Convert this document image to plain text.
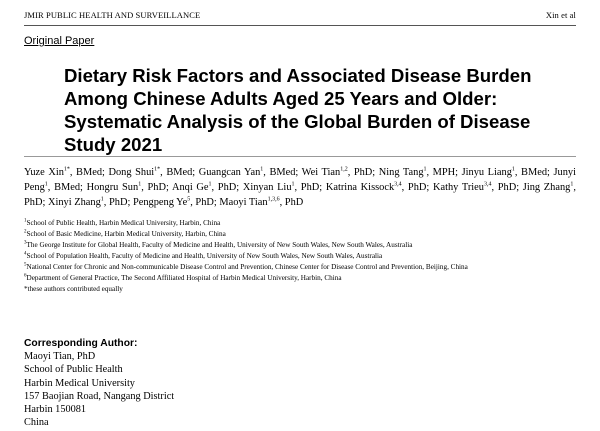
JMIR PUBLIC HEALTH AND SURVEILLANCE	Xin et al
Original Paper
Dietary Risk Factors and Associated Disease Burden Among Chinese Adults Aged 25 Years and Older: Systematic Analysis of the Global Burden of Disease Study 2021
Yuze Xin$^{1*}$, BMed; Dong Shui$^{1*}$, BMed; Guangcan Yan$^1$, BMed; Wei Tian$^{1,2}$, PhD; Ning Tang$^1$, MPH; Jinyu Liang$^1$, BMed; Junyi Peng$^1$, BMed; Hongru Sun$^1$, PhD; Anqi Ge$^1$, PhD; Xinyan Liu$^1$, PhD; Katrina Kissock$^{3,4}$, PhD; Kathy Trieu$^{3,4}$, PhD; Jing Zhang$^1$, PhD; Xinyi Zhang$^1$, PhD; Pengpeng Ye$^5$, PhD; Maoyi Tian$^{1,3,6}$, PhD
$^1$School of Public Health, Harbin Medical University, Harbin, China
$^2$School of Basic Medicine, Harbin Medical University, Harbin, China
$^3$The George Institute for Global Health, Faculty of Medicine and Health, University of New South Wales, New South Wales, Australia
$^4$School of Population Health, Faculty of Medicine and Health, University of New South Wales, New South Wales, Australia
$^5$National Center for Chronic and Non-communicable Disease Control and Prevention, Chinese Center for Disease Control and Prevention, Beijing, China
$^6$Department of General Practice, The Second Affiliated Hospital of Harbin Medical University, Harbin, China
*these authors contributed equally
Corresponding Author:
Maoyi Tian, PhD
School of Public Health
Harbin Medical University
157 Baojian Road, Nangang District
Harbin 150081
China
